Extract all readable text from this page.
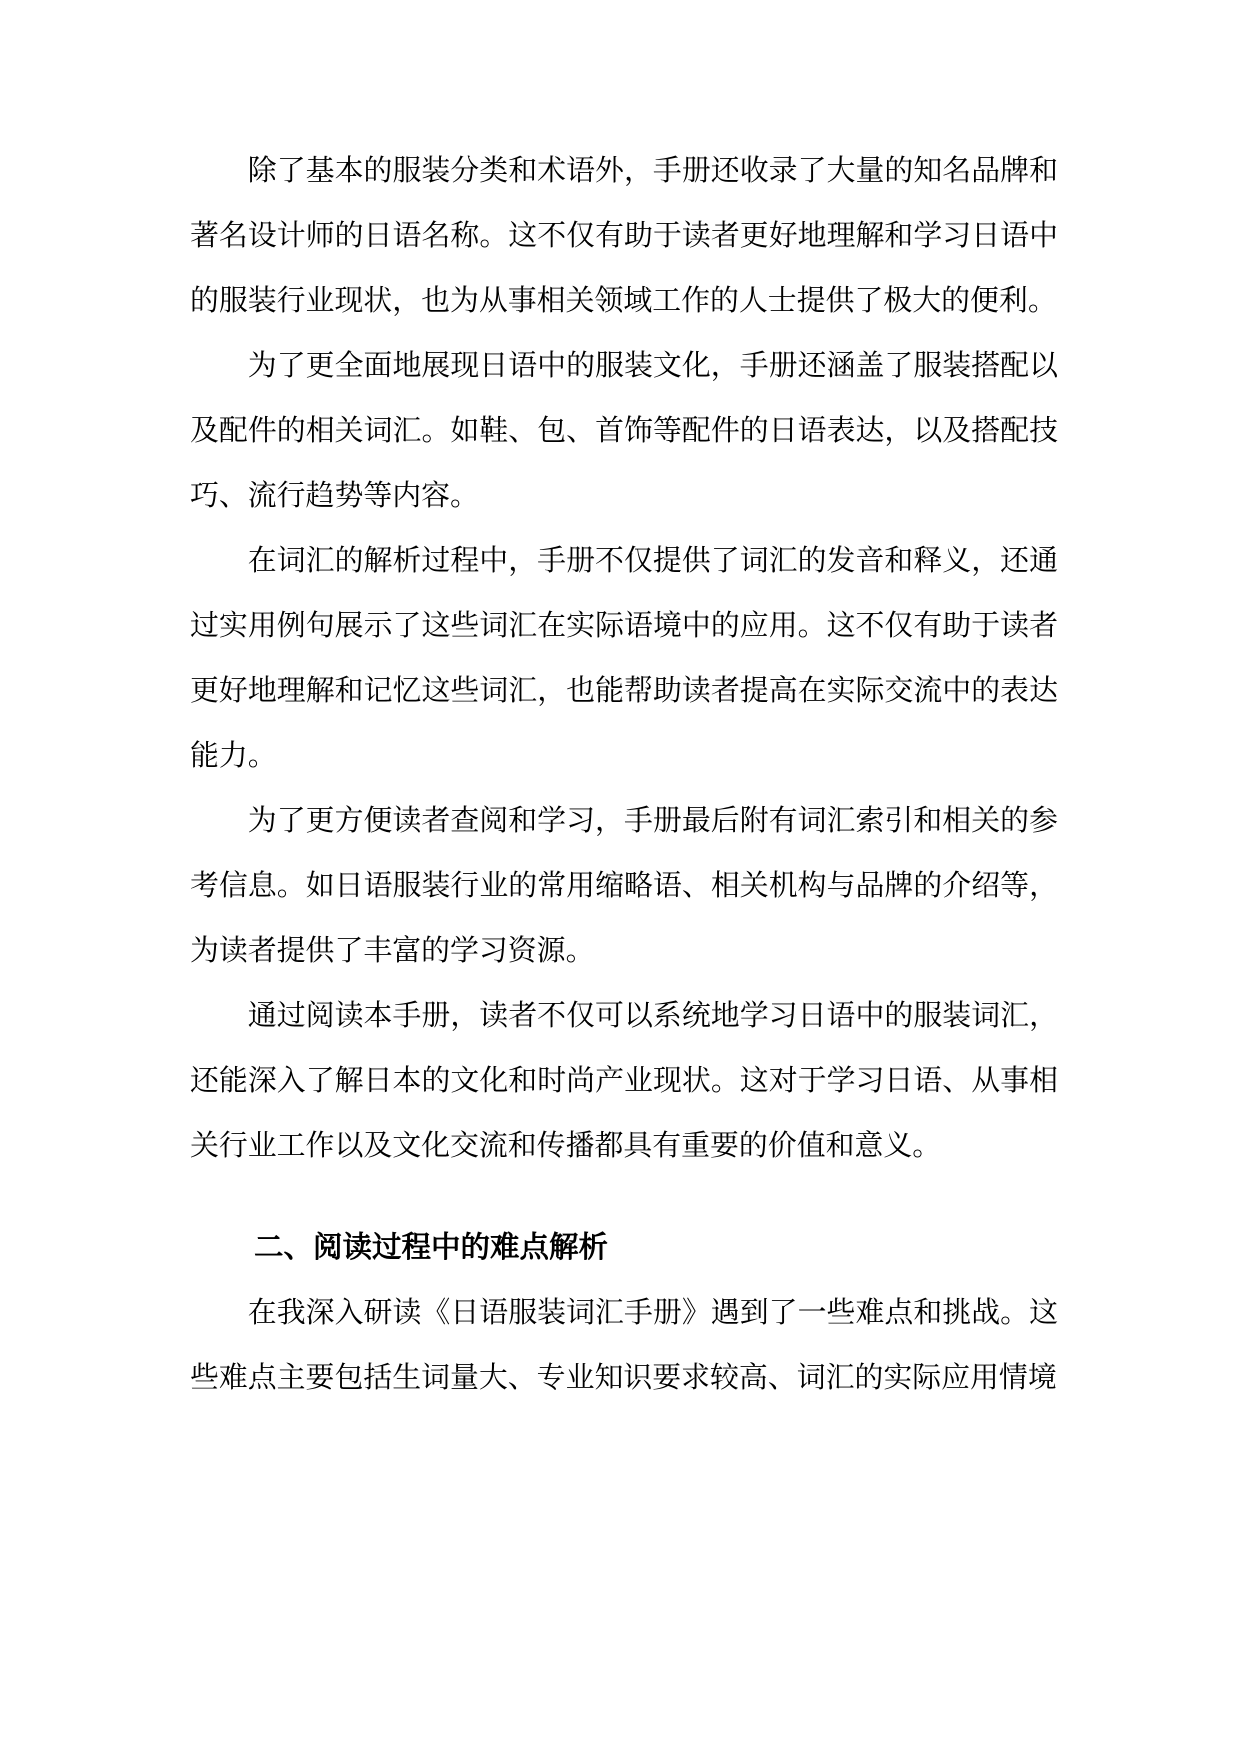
除了基本的服装分类和术语外，手册还收录了大量的知名品牌和著名设计师的日语名称。这不仅有助于读者更好地理解和学习日语中的服装行业现状，也为从事相关领域工作的人士提供了极大的便利。

为了更全面地展现日语中的服装文化，手册还涵盖了服装搭配以及配件的相关词汇。如鞋、包、首饰等配件的日语表达，以及搭配技巧、流行趋势等内容。

在词汇的解析过程中，手册不仅提供了词汇的发音和释义，还通过实用例句展示了这些词汇在实际语境中的应用。这不仅有助于读者更好地理解和记忆这些词汇，也能帮助读者提高在实际交流中的表达能力。

为了更方便读者查阅和学习，手册最后附有词汇索引和相关的参考信息。如日语服装行业的常用缩略语、相关机构与品牌的介绍等，为读者提供了丰富的学习资源。

通过阅读本手册，读者不仅可以系统地学习日语中的服装词汇，还能深入了解日本的文化和时尚产业现状。这对于学习日语、从事相关行业工作以及文化交流和传播都具有重要的价值和意义。

二、阅读过程中的难点解析

在我深入研读《日语服装词汇手册》遇到了一些难点和挑战。这些难点主要包括生词量大、专业知识要求较高、词汇的实际应用情境
